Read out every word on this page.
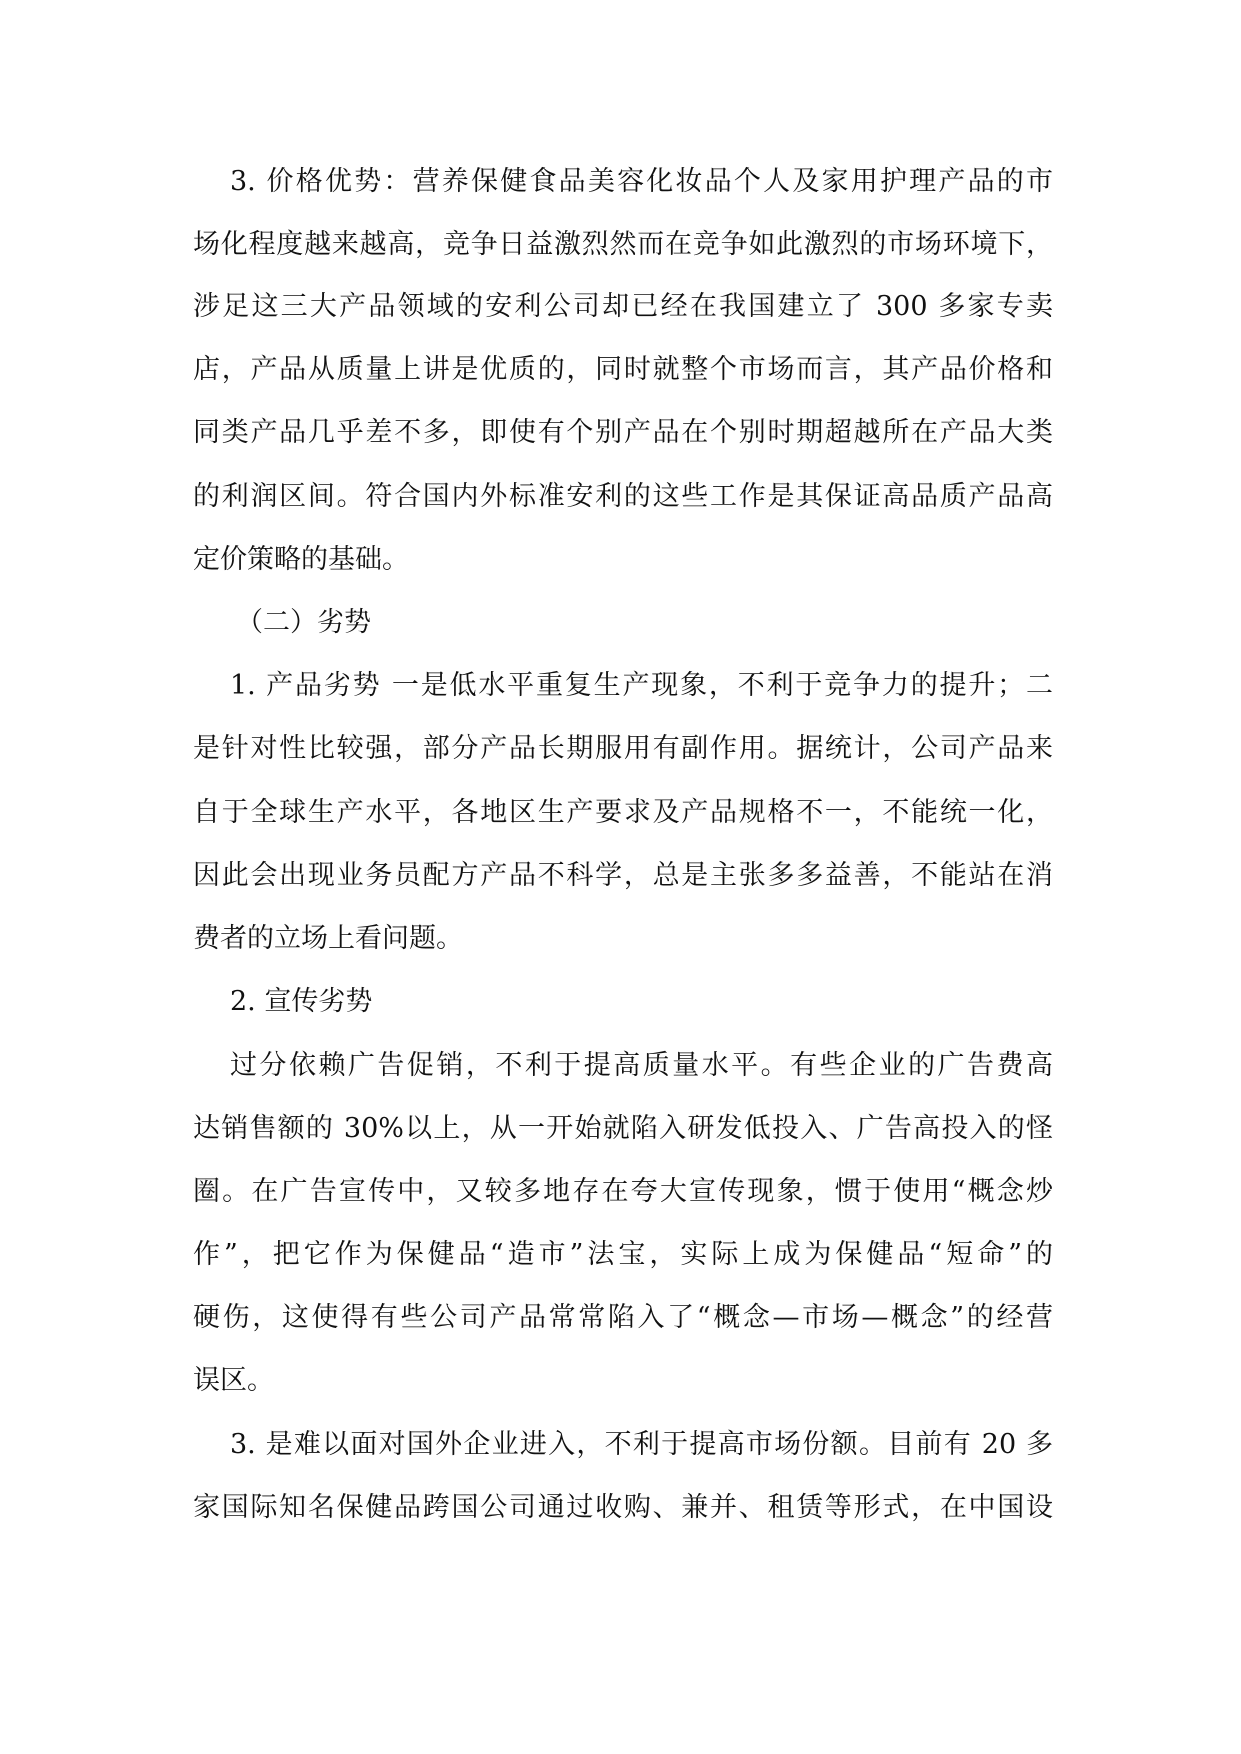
3. 价格优势：营养保健食品美容化妆品个人及家用护理产品的市
场化程度越来越高，竞争日益激烈然而在竞争如此激烈的市场环境下，
涉足这三大产品领域的安利公司却已经在我国建立了 300 多家专卖
店，产品从质量上讲是优质的，同时就整个市场而言，其产品价格和
同类产品几乎差不多，即使有个别产品在个别时期超越所在产品大类
的利润区间。符合国内外标准安利的这些工作是其保证高品质产品高
定价策略的基础。
（二）劣势
1. 产品劣势 一是低水平重复生产现象，不利于竞争力的提升；二
是针对性比较强，部分产品长期服用有副作用。据统计，公司产品来
自于全球生产水平，各地区生产要求及产品规格不一，不能统一化，
因此会出现业务员配方产品不科学，总是主张多多益善，不能站在消
费者的立场上看问题。
2. 宣传劣势
过分依赖广告促销，不利于提高质量水平。有些企业的广告费高
达销售额的 30%以上，从一开始就陷入研发低投入、广告高投入的怪
圈。在广告宣传中，又较多地存在夸大宣传现象，惯于使用“概念炒
作”，把它作为保健品“造市”法宝，实际上成为保健品“短命”的
硬伤，这使得有些公司产品常常陷入了“概念—市场—概念”的经营
误区。
3. 是难以面对国外企业进入，不利于提高市场份额。目前有 20 多
家国际知名保健品跨国公司通过收购、兼并、租赁等形式，在中国设
